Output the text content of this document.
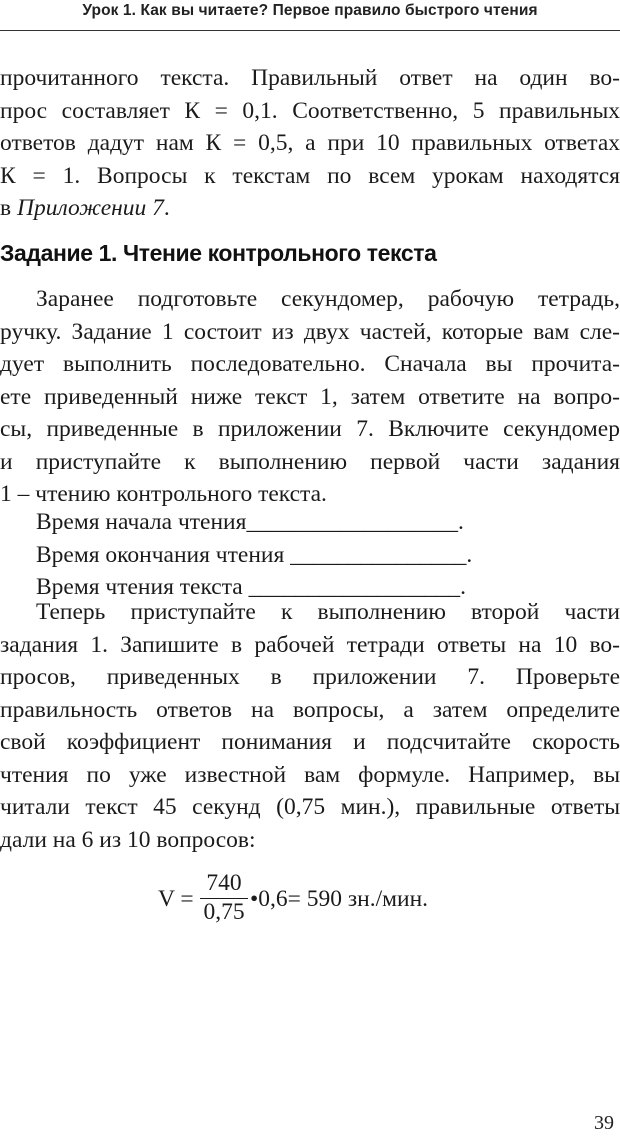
Урок 1. Как вы читаете? Первое правило быстрого чтения
прочитанного текста. Правильный ответ на один во-
прос составляет К = 0,1. Соответственно, 5 правильных
ответов дадут нам К = 0,5, а при 10 правильных ответах
К = 1. Вопросы к текстам по всем урокам находятся
в Приложении 7.
Задание 1. Чтение контрольного текста
Заранее подготовьте секундомер, рабочую тетрадь,
ручку. Задание 1 состоит из двух частей, которые вам сле-
дует выполнить последовательно. Сначала вы прочита-
ете приведенный ниже текст 1, затем ответите на вопро-
сы, приведенные в приложении 7. Включите секундомер
и приступайте к выполнению первой части задания
1 – чтению контрольного текста.
Время начала чтения__________________.
Время окончания чтения _______________.
Время чтения текста __________________.
Теперь приступайте к выполнению второй части
задания 1. Запишите в рабочей тетради ответы на 10 во-
просов, приведенных в приложении 7. Проверьте
правильность ответов на вопросы, а затем определите
свой коэффициент понимания и подсчитайте скорость
чтения по уже известной вам формуле. Например, вы
читали текст 45 секунд (0,75 мин.), правильные ответы
дали на 6 из 10 вопросов:
V =
740
0,75 •0,6= 590 зн./мин.
39
